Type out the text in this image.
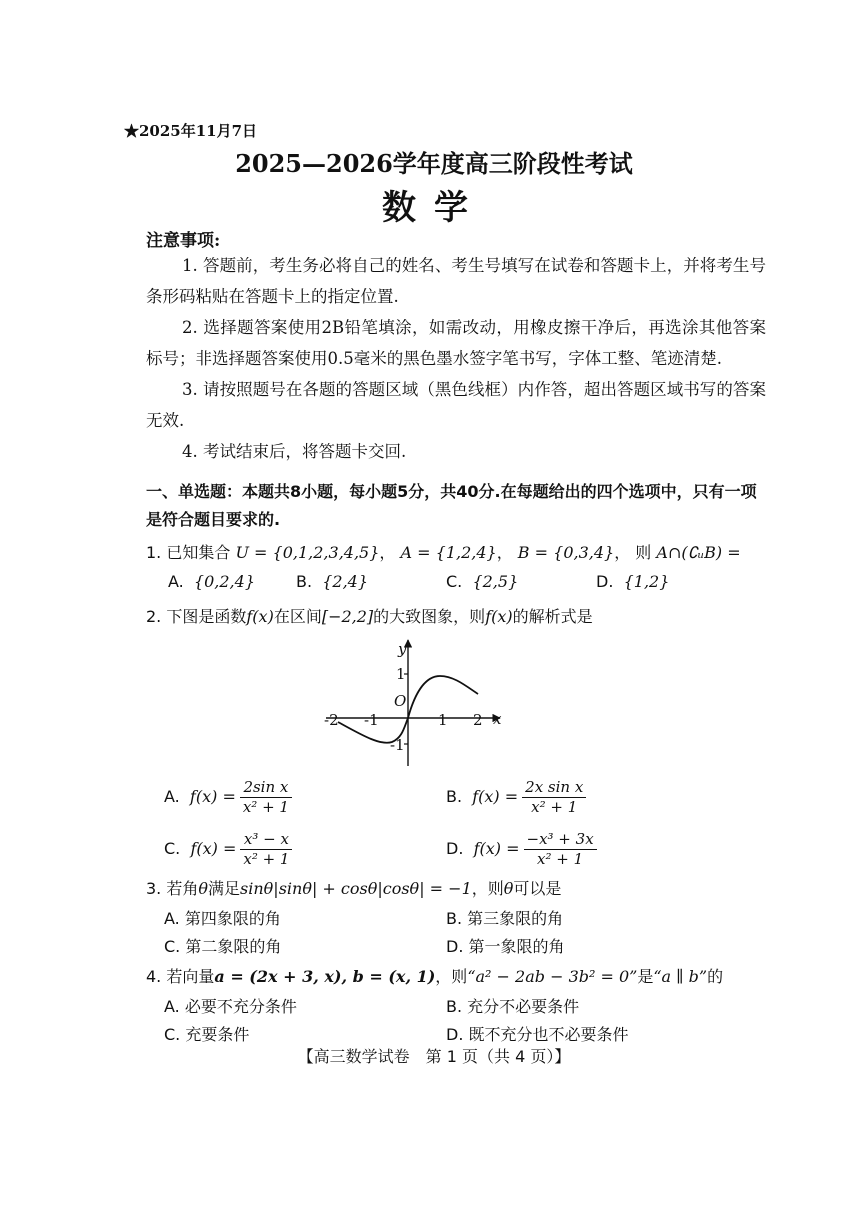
★2025年11月7日
2025—2026学年度高三阶段性考试
数学
注意事项:

1. 答题前，考生务必将自己的姓名、考生号填写在试卷和答题卡上，并将考生号条形码粘贴在答题卡上的指定位置.

2. 选择题答案使用2B铅笔填涂，如需改动，用橡皮擦干净后，再选涂其他答案标号；非选择题答案使用0.5毫米的黑色墨水签字笔书写，字体工整、笔迹清楚.

3. 请按照题号在各题的答题区域（黑色线框）内作答，超出答题区域书写的答案无效.

4. 考试结束后，将答题卡交回.

一、单选题：本题共8小题，每小题5分，共40分.在每题给出的四个选项中，只有一项是符合题目要求的.
1. 已知集合 U = {0,1,2,3,4,5}， A = {1,2,4}， B = {0,3,4}， 则 A∩(∁ᵤB) =
A. {0,2,4}	B. {2,4}	C. {2,5}	D. {1,2}
2. 下图是函数f(x)在区间[−2,2]的大致图象，则f(x)的解析式是
y
x
O
-2 -1	1 2
1
-1
A. $f(x) = \frac{\text{2sin x}}{\text{x² + 1}}$	B. $f(x) = \frac{\text{2x sin x}}{\text{x² + 1}}$
C. $f(x) = \frac{\text{x³ − x}}{\text{x² + 1}}$	D. $f(x) = \frac{\text{−x³ + 3x}}{\text{x² + 1}}$
3. 若角θ满足sinθ|sinθ| + cosθ|cosθ| = −1，则θ可以是
A. 第四象限的角	B. 第三象限的角
C. 第二象限的角	D. 第一象限的角
4. 若向量a = (2x + 3, x), b = (x, 1)，则“a² − 2ab − 3b² = 0”是“a ∥ b”的
A. 必要不充分条件	B. 充分不必要条件
C. 充要条件	D. 既不充分也不必要条件
【高三数学试卷　第 1 页（共 4 页）】
